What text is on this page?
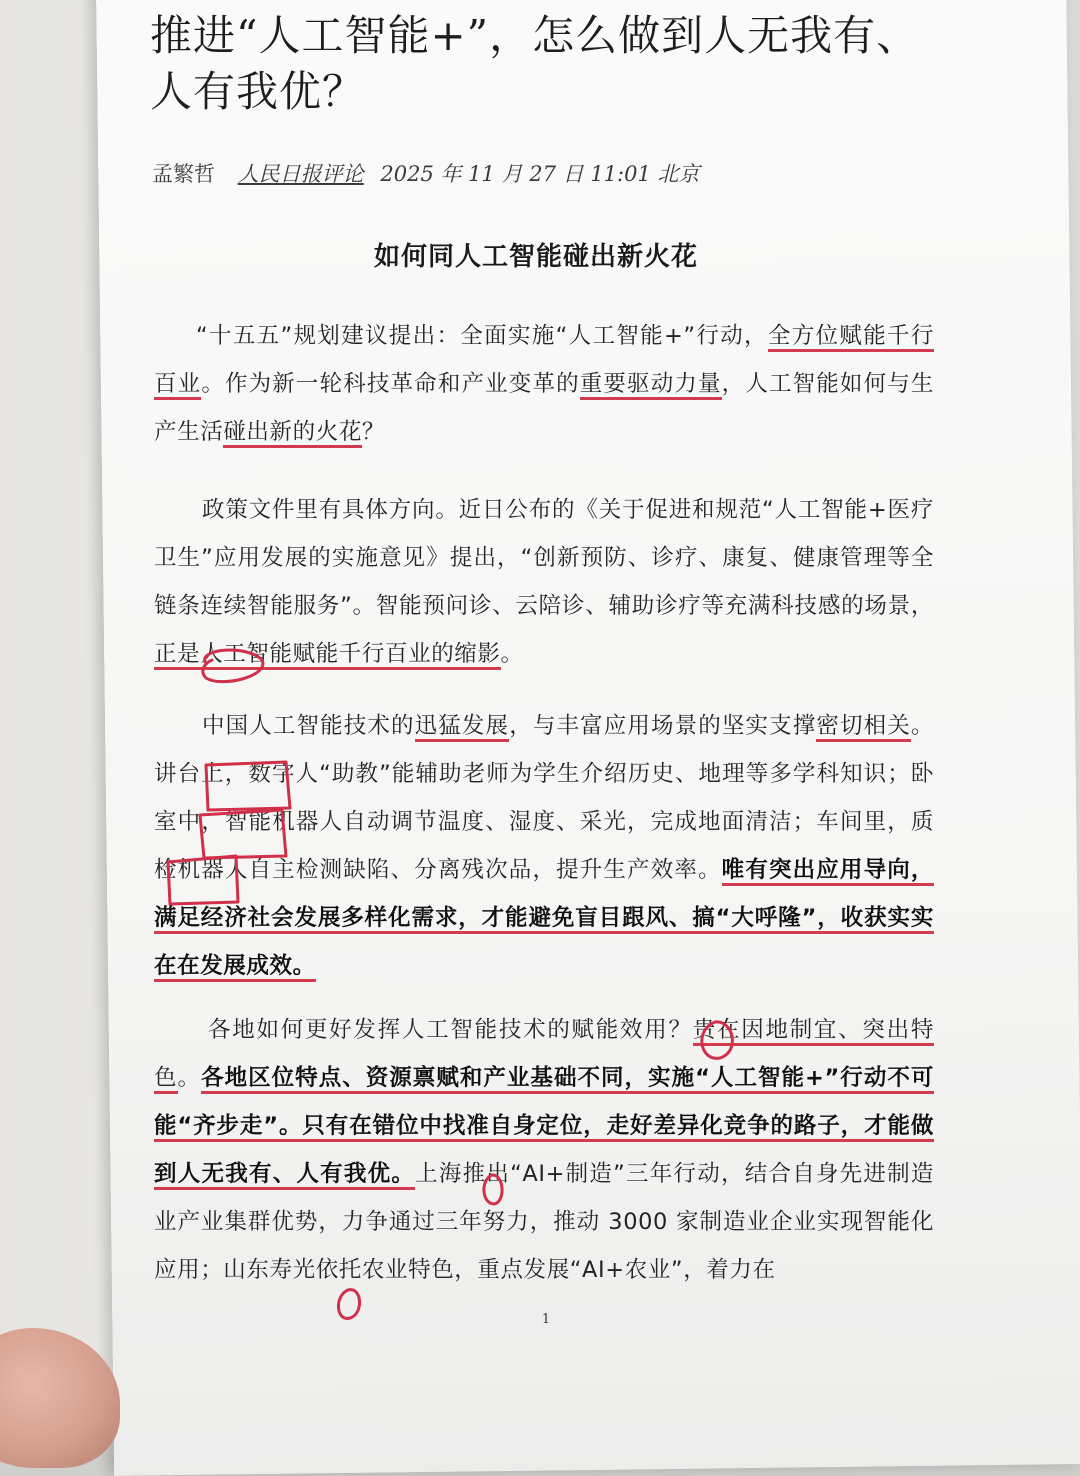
推进“人工智能+”，怎么做到人无我有、
人有我优？
孟繁哲 人民日报评论 2025 年 11 月 27 日 11:01 北京
如何同人工智能碰出新火花
“十五五”规划建议提出：全面实施“人工智能+”行动，全方位赋能千行百业。作为新一轮科技革命和产业变革的重要驱动力量，人工智能如何与生产生活碰出新的火花？
政策文件里有具体方向。近日公布的《关于促进和规范“人工智能+医疗卫生”应用发展的实施意见》提出，“创新预防、诊疗、康复、健康管理等全链条连续智能服务”。智能预问诊、云陪诊、辅助诊疗等充满科技感的场景，正是人工智能赋能千行百业的缩影。
中国人工智能技术的迅猛发展，与丰富应用场景的坚实支撑密切相关。讲台上，数字人“助教”能辅助老师为学生介绍历史、地理等多学科知识；卧室中，智能机器人自动调节温度、湿度、采光，完成地面清洁；车间里，质检机器人自主检测缺陷、分离残次品，提升生产效率。唯有突出应用导向，满足经济社会发展多样化需求，才能避免盲目跟风、搞“大呼隆”，收获实实在在发展成效。
各地如何更好发挥人工智能技术的赋能效用？贵在因地制宜、突出特色。各地区位特点、资源禀赋和产业基础不同，实施“人工智能+”行动不可能“齐步走”。只有在错位中找准自身定位，走好差异化竞争的路子，才能做到人无我有、人有我优。上海推出“AI+制造”三年行动，结合自身先进制造业产业集群优势，力争通过三年努力，推动 3000 家制造业企业实现智能化应用；山东寿光依托农业特色，重点发展“AI+农业”，着力在
1
